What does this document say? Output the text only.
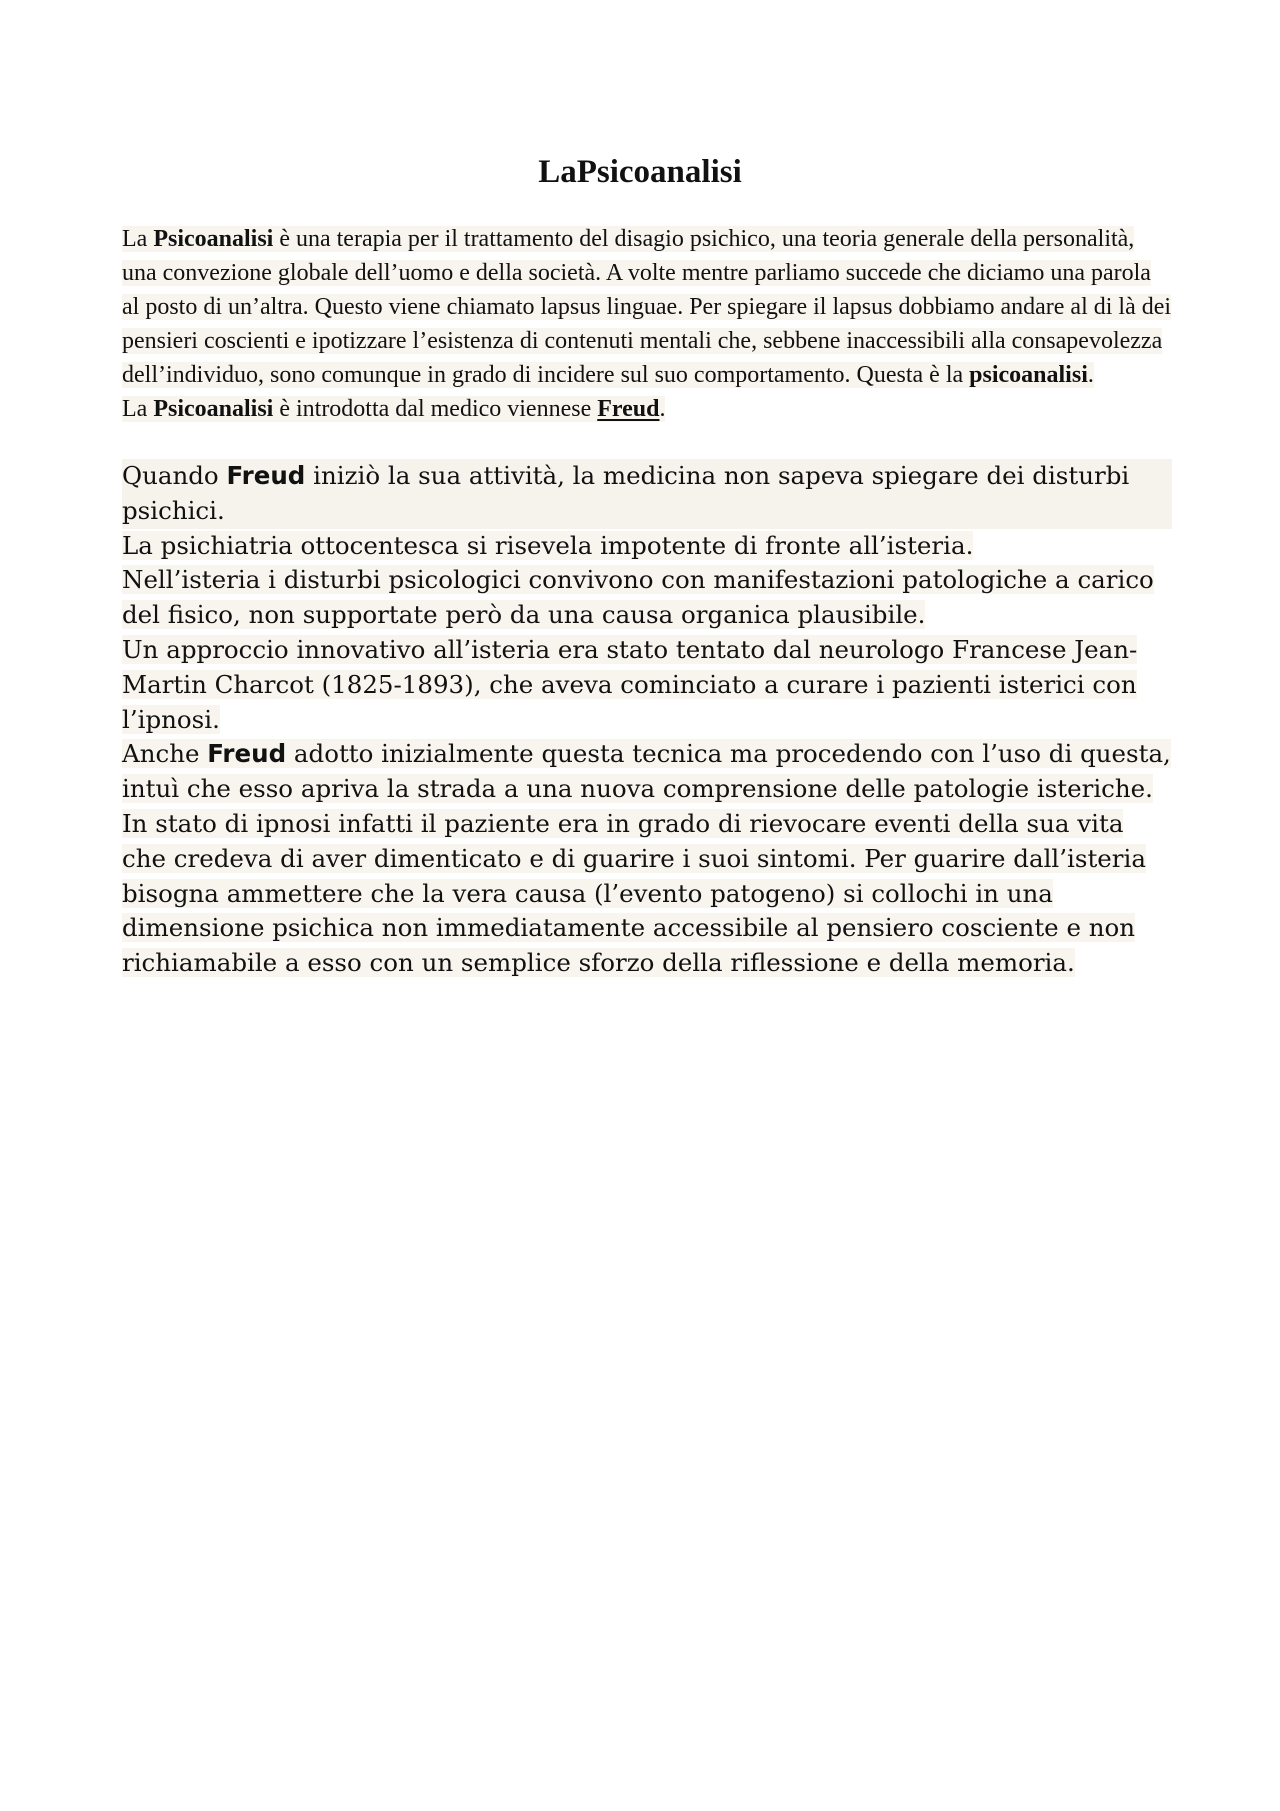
LaPsicoanalisi

La Psicoanalisi è una terapia per il trattamento del disagio psichico, una teoria generale della personalità, una convezione globale dell’uomo e della società. A volte mentre parliamo succede che diciamo una parola al posto di un’altra. Questo viene chiamato lapsus linguae. Per spiegare il lapsus dobbiamo andare al di là dei pensieri coscienti e ipotizzare l’esistenza di contenuti mentali che, sebbene inaccessibili alla consapevolezza dell’individuo, sono comunque in grado di incidere sul suo comportamento. Questa è la psicoanalisi.

La Psicoanalisi è introdotta dal medico viennese Freud.

Quando Freud iniziò la sua attività, la medicina non sapeva spiegare dei disturbi psichici.

La psichiatria ottocentesca si risevela impotente di fronte all’isteria.

Nell’isteria i disturbi psicologici convivono con manifestazioni patologiche a carico del fisico, non supportate però da una causa organica plausibile.

Un approccio innovativo all’isteria era stato tentato dal neurologo Francese Jean-Martin Charcot (1825-1893), che aveva cominciato a curare i pazienti isterici con l’ipnosi.

Anche Freud adotto inizialmente questa tecnica ma procedendo con l’uso di questa, intuì che esso apriva la strada a una nuova comprensione delle patologie isteriche. In stato di ipnosi infatti il paziente era in grado di rievocare eventi della sua vita che credeva di aver dimenticato e di guarire i suoi sintomi. Per guarire dall’isteria bisogna ammettere che la vera causa (l’evento patogeno) si collochi in una dimensione psichica non immediatamente accessibile al pensiero cosciente e non richiamabile a esso con un semplice sforzo della riflessione e della memoria.
